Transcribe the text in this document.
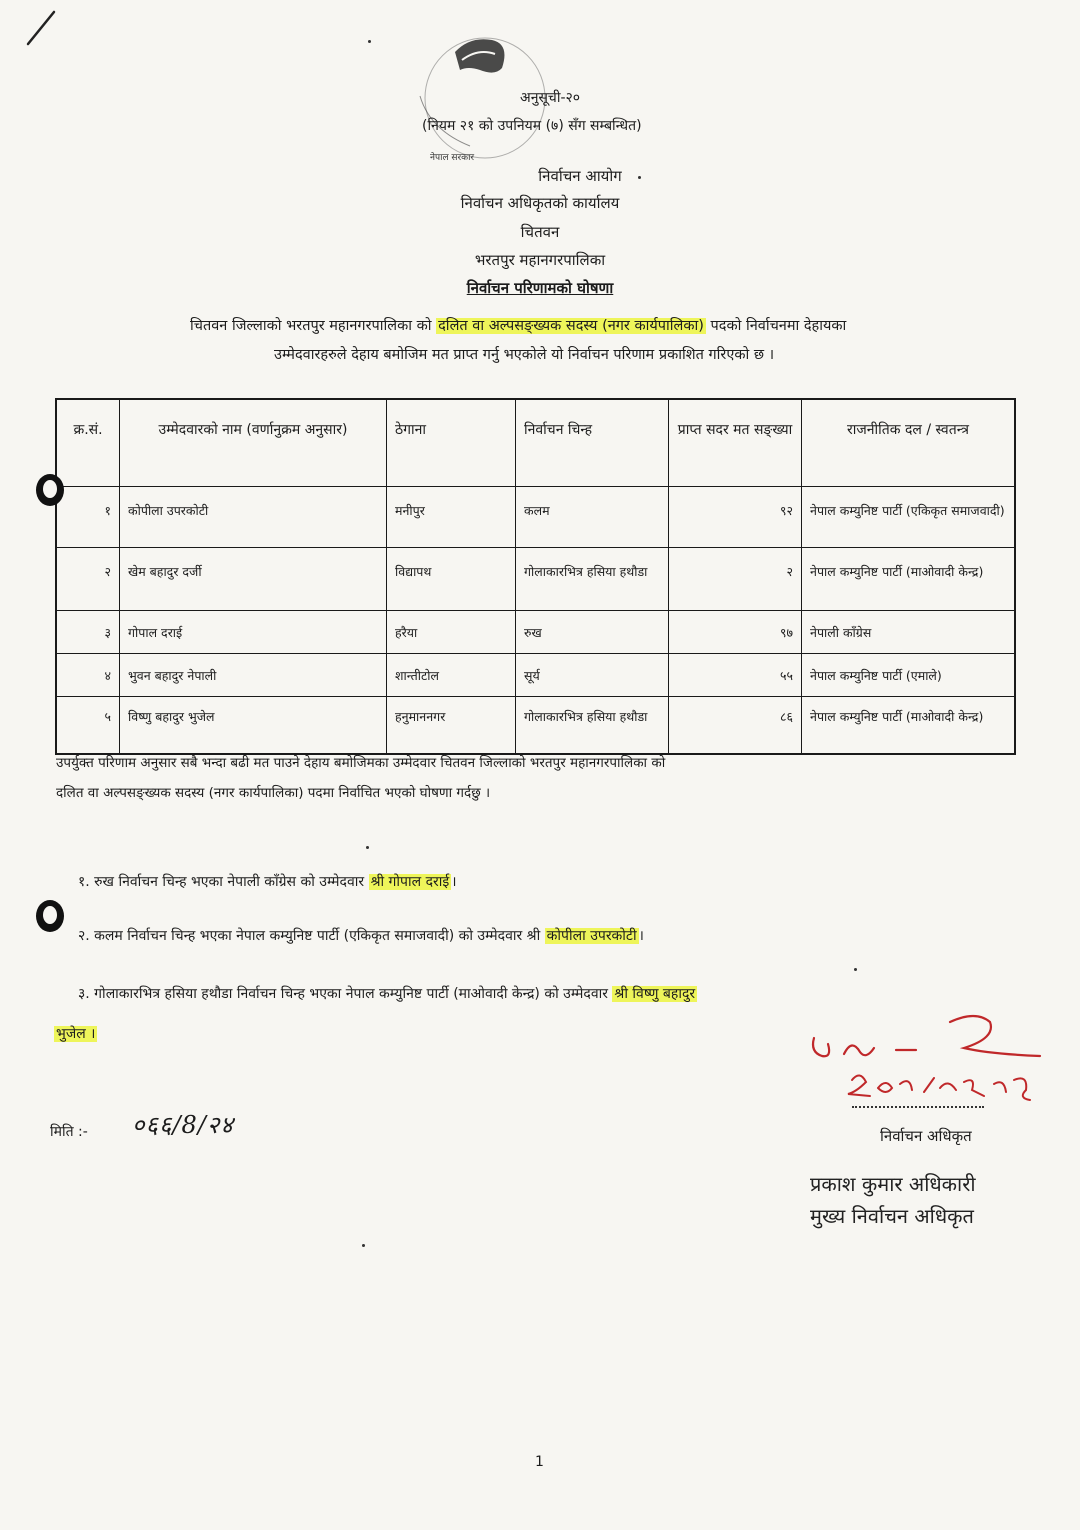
नेपाल सरकार
अनुसूची-२०
(नियम २१ को उपनियम (७) सँग सम्बन्धित)
निर्वाचन आयोग
निर्वाचन अधिकृतको कार्यालय
चितवन
भरतपुर महानगरपालिका
निर्वाचन परिणामको घोषणा
चितवन जिल्लाको भरतपुर महानगरपालिका को दलित वा अल्पसङ्ख्यक सदस्य (नगर कार्यपालिका) पदको निर्वाचनमा देहायका
उम्मेदवारहरुले देहाय बमोजिम मत प्राप्त गर्नु भएकोले यो निर्वाचन परिणाम प्रकाशित गरिएको छ ।
क्र.सं.	उम्मेदवारको नाम (वर्णानुक्रम अनुसार)	ठेगाना	निर्वाचन चिन्ह	प्राप्त सदर मत सङ्ख्या	राजनीतिक दल / स्वतन्त्र
१	कोपीला उपरकोटी	मनीपुर	कलम	९२	नेपाल कम्युनिष्ट पार्टी (एकिकृत समाजवादी)
२	खेम बहादुर दर्जी	विद्यापथ	गोलाकारभित्र हसिया हथौडा	२	नेपाल कम्युनिष्ट पार्टी (माओवादी केन्द्र)
३	गोपाल दराई	हरैया	रुख	९७	नेपाली काँग्रेस
४	भुवन बहादुर नेपाली	शान्तीटोल	सूर्य	५५	नेपाल कम्युनिष्ट पार्टी (एमाले)
५	विष्णु बहादुर भुजेल	हनुमाननगर	गोलाकारभित्र हसिया हथौडा	८६	नेपाल कम्युनिष्ट पार्टी (माओवादी केन्द्र)
उपर्युक्त परिणाम अनुसार सबै भन्दा बढी मत पाउने देहाय बमोजिमका उम्मेदवार चितवन जिल्लाको भरतपुर महानगरपालिका को
दलित वा अल्पसङ्ख्यक सदस्य (नगर कार्यपालिका) पदमा निर्वाचित भएको घोषणा गर्दछु ।
१. रुख निर्वाचन चिन्ह भएका नेपाली काँग्रेस को उम्मेदवार श्री गोपाल दराई ।
२. कलम निर्वाचन चिन्ह भएका नेपाल कम्युनिष्ट पार्टी (एकिकृत समाजवादी) को उम्मेदवार श्री कोपीला उपरकोटी ।
३. गोलाकारभित्र हसिया हथौडा निर्वाचन चिन्ह भएका नेपाल कम्युनिष्ट पार्टी (माओवादी केन्द्र) को उम्मेदवार श्री विष्णु बहादुर
भुजेल ।
मिति :- ०६६/8/२४	निर्वाचन अधिकृत
प्रकाश कुमार अधिकारी
मुख्य निर्वाचन अधिकृत
1
